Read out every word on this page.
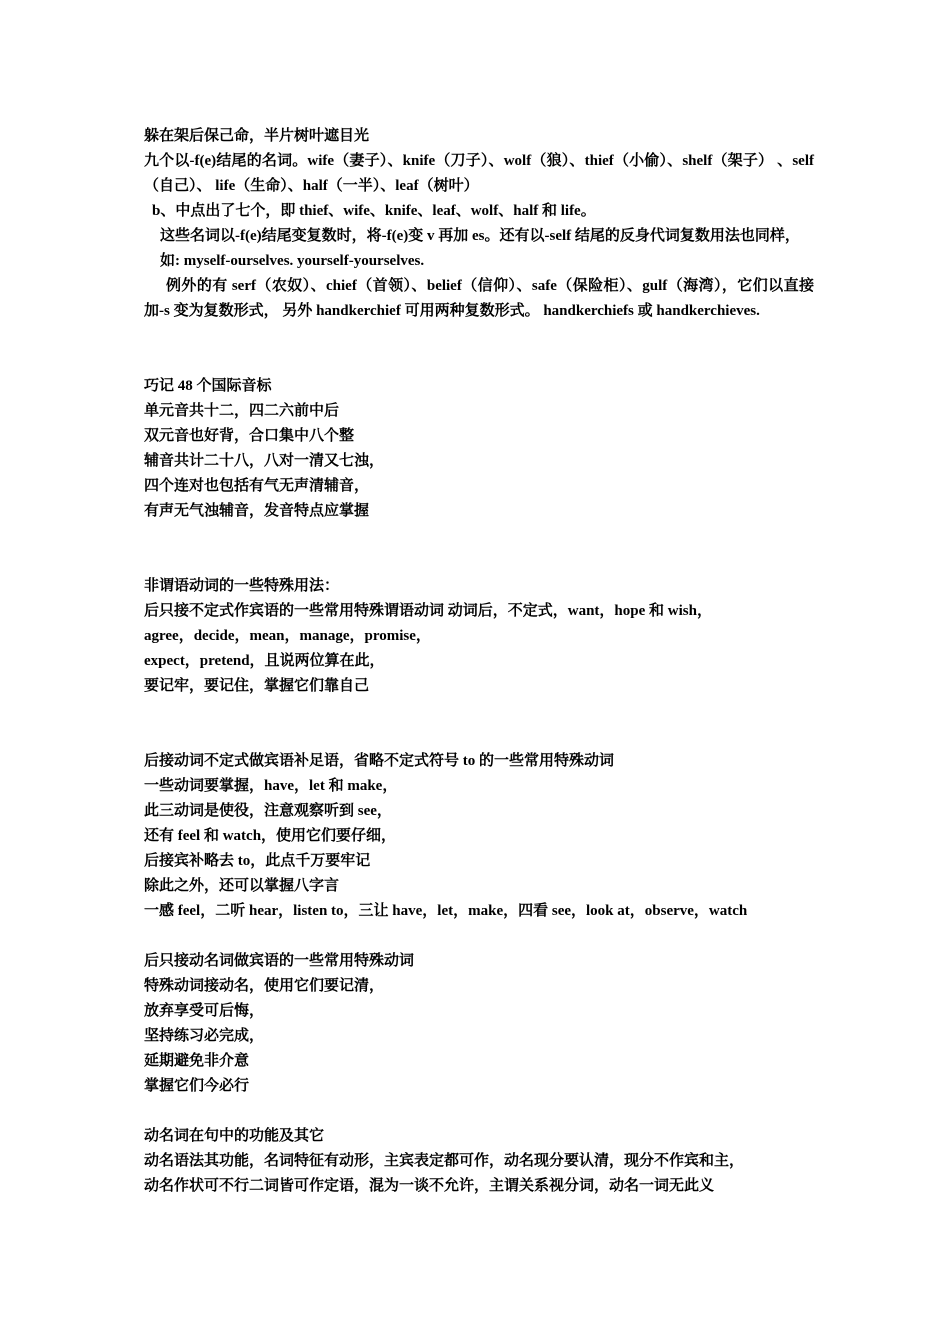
躲在架后保己命，半片树叶遮目光
九个以-f(e)结尾的名词。wife（妻子）、knife（刀子）、wolf（狼）、thief（小偷）、shelf（架子） 、self（自己）、 life（生命）、half（一半）、leaf（树叶）
b、中点出了七个，即 thief、wife、knife、leaf、wolf、half 和 life。
这些名词以-f(e)结尾变复数时，将-f(e)变 v 再加 es。还有以-self 结尾的反身代词复数用法也同样，如: myself-ourselves. yourself-yourselves.
例外的有 serf（农奴）、chief（首领）、belief（信仰）、safe（保险柜）、gulf（海湾），它们以直接加-s 变为复数形式， 另外 handkerchief 可用两种复数形式。 handkerchiefs 或 handkerchieves.
巧记 48 个国际音标
单元音共十二，四二六前中后
双元音也好背，合口集中八个整
辅音共计二十八，八对一清又七浊，
四个连对也包括有气无声清辅音，
有声无气浊辅音，发音特点应掌握
非谓语动词的一些特殊用法：
后只接不定式作宾语的一些常用特殊谓语动词 动词后，不定式，want，hope 和 wish，
agree，decide，mean，manage，promise，
expect，pretend，且说两位算在此，
要记牢，要记住，掌握它们靠自己
后接动词不定式做宾语补足语，省略不定式符号 to 的一些常用特殊动词
一些动词要掌握，have，let 和 make，
此三动词是使役，注意观察听到 see，
还有 feel 和 watch，使用它们要仔细，
后接宾补略去 to，此点千万要牢记
除此之外，还可以掌握八字言
一感 feel，二听 hear，listen to，三让 have，let，make，四看 see，look at，observe，watch
后只接动名词做宾语的一些常用特殊动词
特殊动词接动名，使用它们要记清，
放弃享受可后悔，
坚持练习必完成，
延期避免非介意
掌握它们今必行
动名词在句中的功能及其它
动名语法其功能，名词特征有动形，主宾表定都可作，动名现分要认清，现分不作宾和主，
动名作状可不行二词皆可作定语，混为一谈不允许，主谓关系视分词，动名一词无此义
